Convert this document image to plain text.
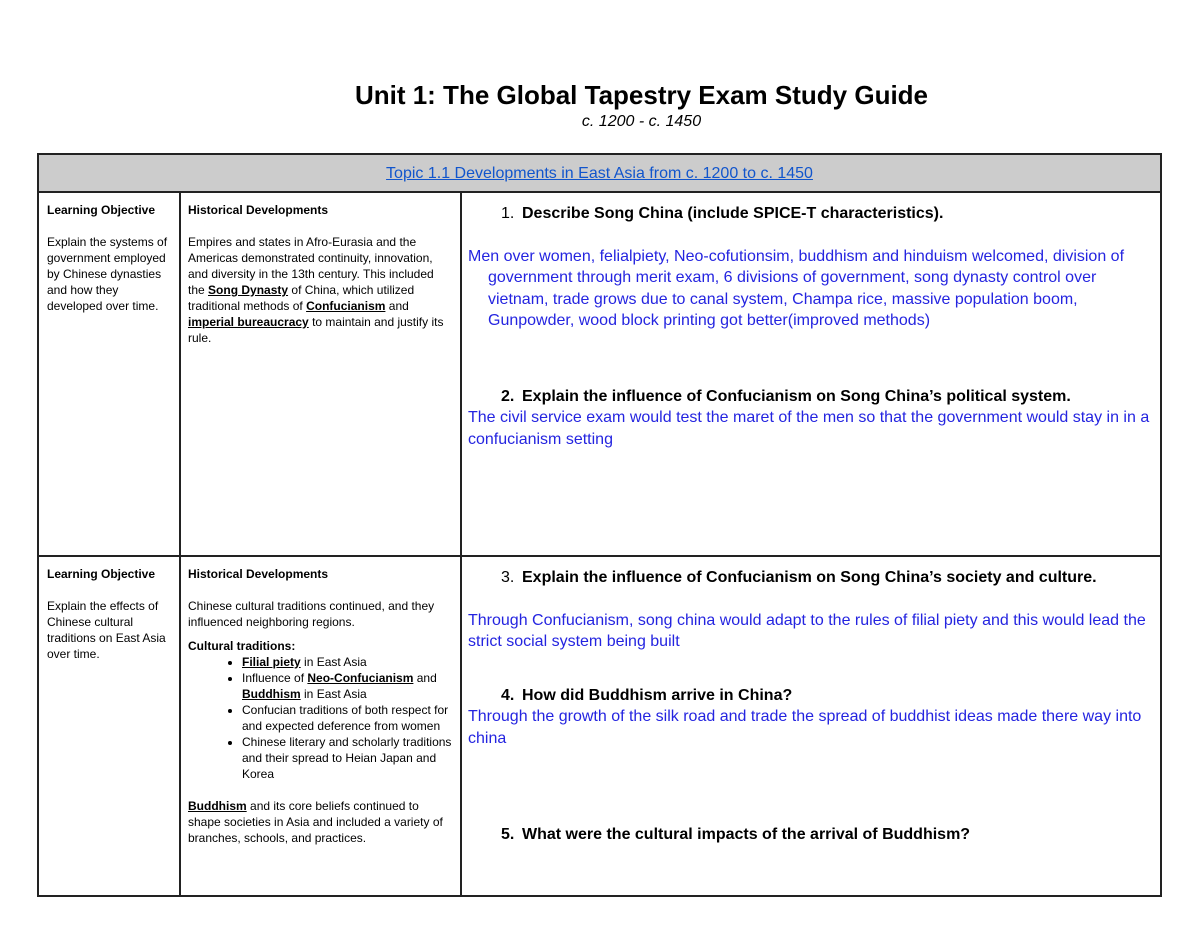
Unit 1: The Global Tapestry Exam Study Guide
c. 1200 - c. 1450
Topic 1.1 Developments in East Asia from c. 1200 to c. 1450
Learning Objective
Explain the systems of government employed by Chinese dynasties and how they developed over time.
Historical Developments
Empires and states in Afro-Eurasia and the Americas demonstrated continuity, innovation, and diversity in the 13th century. This included the Song Dynasty of China, which utilized traditional methods of Confucianism and imperial bureaucracy to maintain and justify its rule.
1. Describe Song China (include SPICE-T characteristics).
Men over women, felialpiety, Neo-cofutionsim, buddhism and hinduism welcomed, division of government through merit exam, 6 divisions of government, song dynasty control over vietnam, trade grows due to canal system, Champa rice, massive population boom, Gunpowder, wood block printing got better(improved methods)
2. Explain the influence of Confucianism on Song China’s political system.
The civil service exam would test the maret of the men so that the government would stay in in a confucianism setting
Learning Objective
Explain the effects of Chinese cultural traditions on East Asia over time.
Historical Developments
Chinese cultural traditions continued, and they influenced neighboring regions.
Cultural traditions:
• Filial piety in East Asia
• Influence of Neo-Confucianism and Buddhism in East Asia
• Confucian traditions of both respect for and expected deference from women
• Chinese literary and scholarly traditions and their spread to Heian Japan and Korea
Buddhism and its core beliefs continued to shape societies in Asia and included a variety of branches, schools, and practices.
3. Explain the influence of Confucianism on Song China’s society and culture.
Through Confucianism, song china would adapt to the rules of filial piety and this would lead the strict social system being built
4. How did Buddhism arrive in China?
Through the growth of the silk road and trade the spread of buddhist ideas made there way into china
5. What were the cultural impacts of the arrival of Buddhism?
